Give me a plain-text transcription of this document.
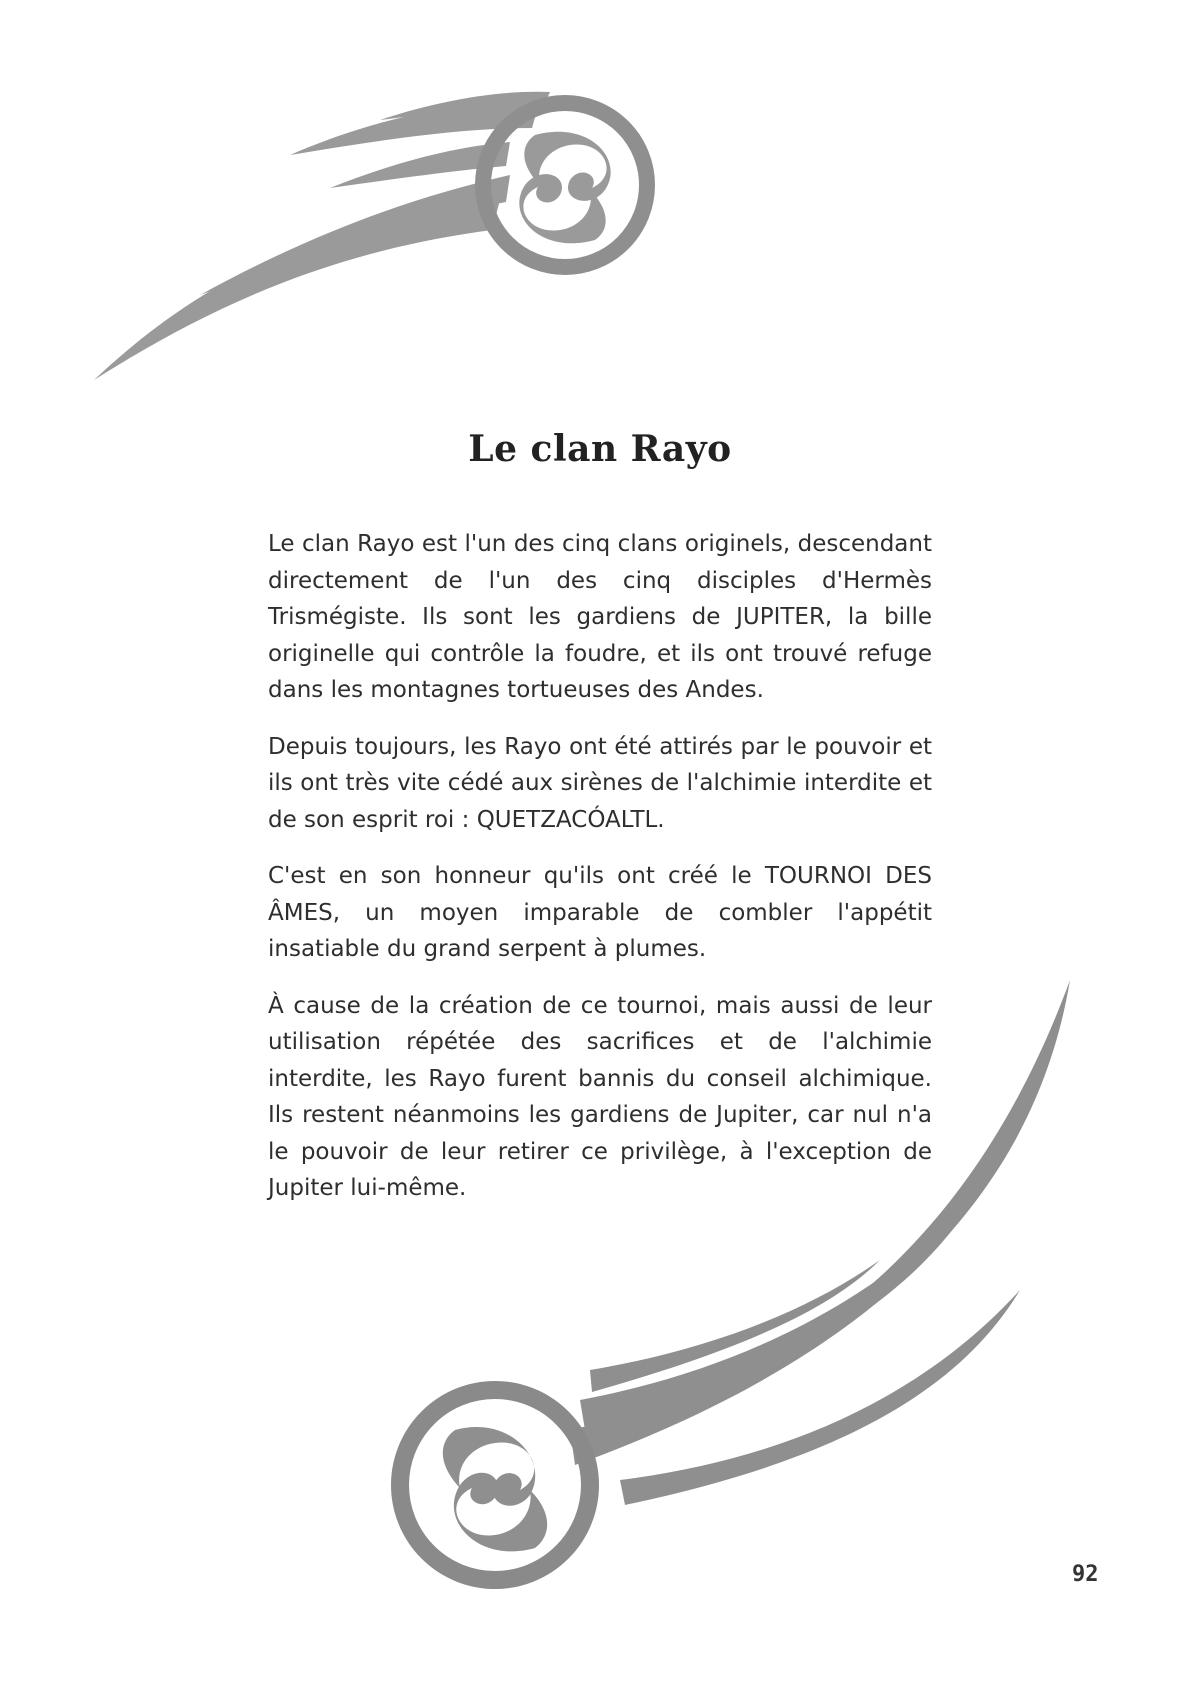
Le clan Rayo

Le clan Rayo est l'un des cinq clans originels, descendant directement de l'un des cinq disciples d'Hermès Trismégiste. Ils sont les gardiens de JUPITER, la bille originelle qui contrôle la foudre, et ils ont trouvé refuge dans les montagnes tortueuses des Andes.

Depuis toujours, les Rayo ont été attirés par le pouvoir et ils ont très vite cédé aux sirènes de l'alchimie interdite et de son esprit roi : QUETZACÓALTL.

C'est en son honneur qu'ils ont créé le TOURNOI DES ÂMES, un moyen imparable de combler l'appétit insatiable du grand serpent à plumes.

À cause de la création de ce tournoi, mais aussi de leur utilisation répétée des sacrifices et de l'alchimie interdite, les Rayo furent bannis du conseil alchimique. Ils restent néanmoins les gardiens de Jupiter, car nul n'a le pouvoir de leur retirer ce privilège, à l'exception de Jupiter lui-même.

92
